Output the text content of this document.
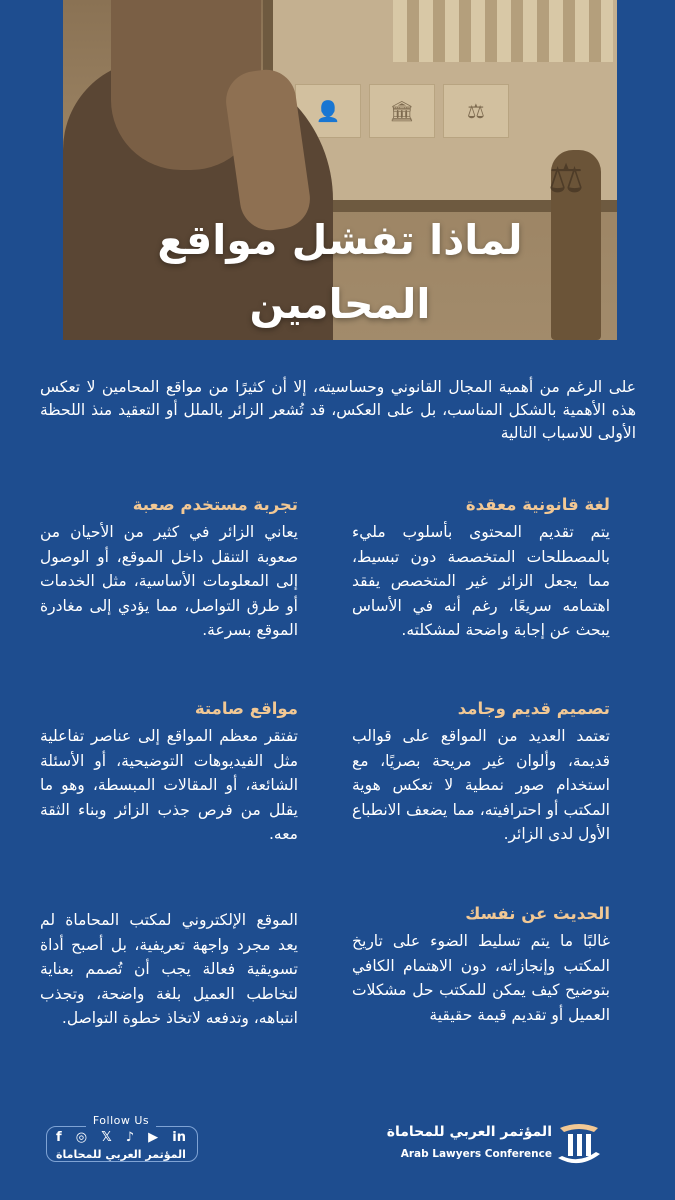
👤	🏛	⚖
⚖
لماذا تفشل مواقع المحامين
على الرغم من أهمية المجال القانوني وحساسيته، إلا أن كثيرًا من مواقع المحامين لا تعكس هذه الأهمية بالشكل المناسب، بل على العكس، قد تُشعر الزائر بالملل أو التعقيد منذ اللحظة الأولى للاسباب التالية
لغة قانونية معقدة

يتم تقديم المحتوى بأسلوب مليء بالمصطلحات المتخصصة دون تبسيط، مما يجعل الزائر غير المتخصص يفقد اهتمامه سريعًا، رغم أنه في الأساس يبحث عن إجابة واضحة لمشكلته.

تصميم قديم وجامد

تعتمد العديد من المواقع على قوالب قديمة، وألوان غير مريحة بصريًا، مع استخدام صور نمطية لا تعكس هوية المكتب أو احترافيته، مما يضعف الانطباع الأول لدى الزائر.

الحديث عن نفسك

غالبًا ما يتم تسليط الضوء على تاريخ المكتب وإنجازاته، دون الاهتمام الكافي بتوضيح كيف يمكن للمكتب حل مشكلات العميل أو تقديم قيمة حقيقية

تجربة مستخدم صعبة

يعاني الزائر في كثير من الأحيان من صعوبة التنقل داخل الموقع، أو الوصول إلى المعلومات الأساسية، مثل الخدمات أو طرق التواصل، مما يؤدي إلى مغادرة الموقع بسرعة.

مواقع صامتة

تفتقر معظم المواقع إلى عناصر تفاعلية مثل الفيديوهات التوضيحية، أو الأسئلة الشائعة، أو المقالات المبسطة، وهو ما يقلل من فرص جذب الزائر وبناء الثقة معه.

الموقع الإلكتروني لمكتب المحاماة لم يعد مجرد واجهة تعريفية، بل أصبح أداة تسويقية فعالة يجب أن تُصمم بعناية لتخاطب العميل بلغة واضحة، وتجذب انتباهه، وتدفعه لاتخاذ خطوة التواصل.

Follow Us
f ◎ 𝕏 ♪ ▶ in
المؤتمر العربي للمحاماة
المؤتمر العربي للمحاماة
Arab Lawyers Conference
